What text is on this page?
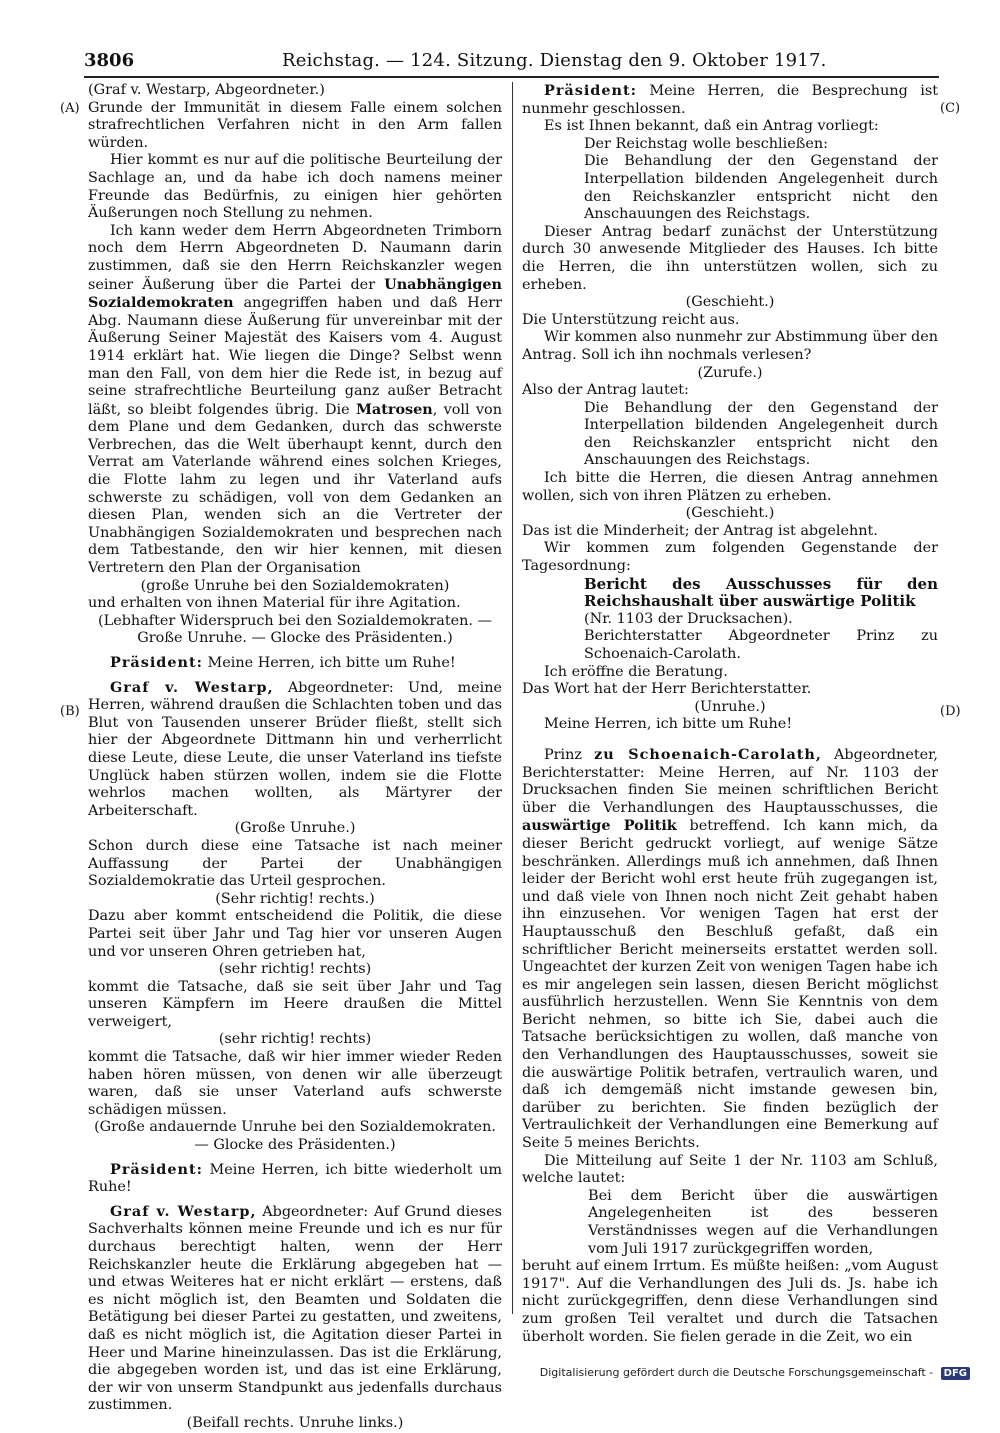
3806	Reichstag. — 124. Sitzung. Dienstag den 9. Oktober 1917.
(A)
(B)
(C)
(D)

(Graf v. Westarp, Abgeordneter.)

Grunde der Immunität in diesem Falle einem solchen strafrechtlichen Verfahren nicht in den Arm fallen würden.

Hier kommt es nur auf die politische Beurteilung der Sachlage an, und da habe ich doch namens meiner Freunde das Bedürfnis, zu einigen hier gehörten Äußerungen noch Stellung zu nehmen.

Ich kann weder dem Herrn Abgeordneten Trimborn noch dem Herrn Abgeordneten D. Naumann darin zustimmen, daß sie den Herrn Reichskanzler wegen seiner Äußerung über die Partei der Unabhängigen Sozialdemokraten angegriffen haben und daß Herr Abg. Naumann diese Äußerung für unvereinbar mit der Äußerung Seiner Majestät des Kaisers vom 4. August 1914 erklärt hat. Wie liegen die Dinge? Selbst wenn man den Fall, von dem hier die Rede ist, in bezug auf seine strafrechtliche Beurteilung ganz außer Betracht läßt, so bleibt folgendes übrig. Die Matrosen, voll von dem Plane und dem Gedanken, durch das schwerste Verbrechen, das die Welt überhaupt kennt, durch den Verrat am Vaterlande während eines solchen Krieges, die Flotte lahm zu legen und ihr Vaterland aufs schwerste zu schädigen, voll von dem Gedanken an diesen Plan, wenden sich an die Vertreter der Unabhängigen Sozialdemokraten und besprechen nach dem Tatbestande, den wir hier kennen, mit diesen Vertretern den Plan der Organisation

(große Unruhe bei den Sozialdemokraten)

und erhalten von ihnen Material für ihre Agitation.

(Lebhafter Widerspruch bei den Sozialdemokraten. — Große Unruhe. — Glocke des Präsidenten.)

Präsident: Meine Herren, ich bitte um Ruhe!

Graf v. Westarp, Abgeordneter: Und, meine Herren, während draußen die Schlachten toben und das Blut von Tausenden unserer Brüder fließt, stellt sich hier der Abgeordnete Dittmann hin und verherrlicht diese Leute, diese Leute, die unser Vaterland ins tiefste Unglück haben stürzen wollen, indem sie die Flotte wehrlos machen wollten, als Märtyrer der Arbeiterschaft.

(Große Unruhe.)

Schon durch diese eine Tatsache ist nach meiner Auffassung der Partei der Unabhängigen Sozialdemokratie das Urteil gesprochen.

(Sehr richtig! rechts.)

Dazu aber kommt entscheidend die Politik, die diese Partei seit über Jahr und Tag hier vor unseren Augen und vor unseren Ohren getrieben hat,

(sehr richtig! rechts)

kommt die Tatsache, daß sie seit über Jahr und Tag unseren Kämpfern im Heere draußen die Mittel verweigert,

(sehr richtig! rechts)

kommt die Tatsache, daß wir hier immer wieder Reden haben hören müssen, von denen wir alle überzeugt waren, daß sie unser Vaterland aufs schwerste schädigen müssen.

(Große andauernde Unruhe bei den Sozialdemokraten. — Glocke des Präsidenten.)

Präsident: Meine Herren, ich bitte wiederholt um Ruhe!

Graf v. Westarp, Abgeordneter: Auf Grund dieses Sachverhalts können meine Freunde und ich es nur für durchaus berechtigt halten, wenn der Herr Reichskanzler heute die Erklärung abgegeben hat — und etwas Weiteres hat er nicht erklärt — erstens, daß es nicht möglich ist, den Beamten und Soldaten die Betätigung bei dieser Partei zu gestatten, und zweitens, daß es nicht möglich ist, die Agitation dieser Partei in Heer und Marine hineinzulassen. Das ist die Erklärung, die abgegeben worden ist, und das ist eine Erklärung, der wir von unserm Standpunkt aus jedenfalls durchaus zustimmen.

(Beifall rechts. Unruhe links.)

Präsident: Meine Herren, die Besprechung ist nunmehr geschlossen.

Es ist Ihnen bekannt, daß ein Antrag vorliegt:

Der Reichstag wolle beschließen:

Die Behandlung der den Gegenstand der Interpellation bildenden Angelegenheit durch den Reichskanzler entspricht nicht den Anschauungen des Reichstags.

Dieser Antrag bedarf zunächst der Unterstützung durch 30 anwesende Mitglieder des Hauses. Ich bitte die Herren, die ihn unterstützen wollen, sich zu erheben.

(Geschieht.)

Die Unterstützung reicht aus.

Wir kommen also nunmehr zur Abstimmung über den Antrag. Soll ich ihn nochmals verlesen?

(Zurufe.)

Also der Antrag lautet:

Die Behandlung der den Gegenstand der Interpellation bildenden Angelegenheit durch den Reichskanzler entspricht nicht den Anschauungen des Reichstags.

Ich bitte die Herren, die diesen Antrag annehmen wollen, sich von ihren Plätzen zu erheben.

(Geschieht.)

Das ist die Minderheit; der Antrag ist abgelehnt.

Wir kommen zum folgenden Gegenstande der Tagesordnung:

Bericht des Ausschusses für den Reichshaushalt über auswärtige Politik

(Nr. 1103 der Drucksachen).

Berichterstatter Abgeordneter Prinz zu Schoenaich-Carolath.

Ich eröffne die Beratung.

Das Wort hat der Herr Berichterstatter.

(Unruhe.)

Meine Herren, ich bitte um Ruhe!

Prinz zu Schoenaich-Carolath, Abgeordneter, Berichterstatter: Meine Herren, auf Nr. 1103 der Drucksachen finden Sie meinen schriftlichen Bericht über die Verhandlungen des Hauptausschusses, die auswärtige Politik betreffend. Ich kann mich, da dieser Bericht gedruckt vorliegt, auf wenige Sätze beschränken. Allerdings muß ich annehmen, daß Ihnen leider der Bericht wohl erst heute früh zugegangen ist, und daß viele von Ihnen noch nicht Zeit gehabt haben ihn einzusehen. Vor wenigen Tagen hat erst der Hauptausschuß den Beschluß gefaßt, daß ein schriftlicher Bericht meinerseits erstattet werden soll. Ungeachtet der kurzen Zeit von wenigen Tagen habe ich es mir angelegen sein lassen, diesen Bericht möglichst ausführlich herzustellen. Wenn Sie Kenntnis von dem Bericht nehmen, so bitte ich Sie, dabei auch die Tatsache berücksichtigen zu wollen, daß manche von den Verhandlungen des Hauptausschusses, soweit sie die auswärtige Politik betrafen, vertraulich waren, und daß ich demgemäß nicht imstande gewesen bin, darüber zu berichten. Sie finden bezüglich der Vertraulichkeit der Verhandlungen eine Bemerkung auf Seite 5 meines Berichts.

Die Mitteilung auf Seite 1 der Nr. 1103 am Schluß, welche lautet:

Bei dem Bericht über die auswärtigen Angelegenheiten ist des besseren Verständnisses wegen auf die Verhandlungen vom Juli 1917 zurückgegriffen worden,

beruht auf einem Irrtum. Es müßte heißen: „vom August 1917". Auf die Verhandlungen des Juli ds. Js. habe ich nicht zurückgegriffen, denn diese Verhandlungen sind zum großen Teil veraltet und durch die Tatsachen überholt worden. Sie fielen gerade in die Zeit, wo ein

Digitalisierung gefördert durch die Deutsche Forschungsgemeinschaft - DFG
